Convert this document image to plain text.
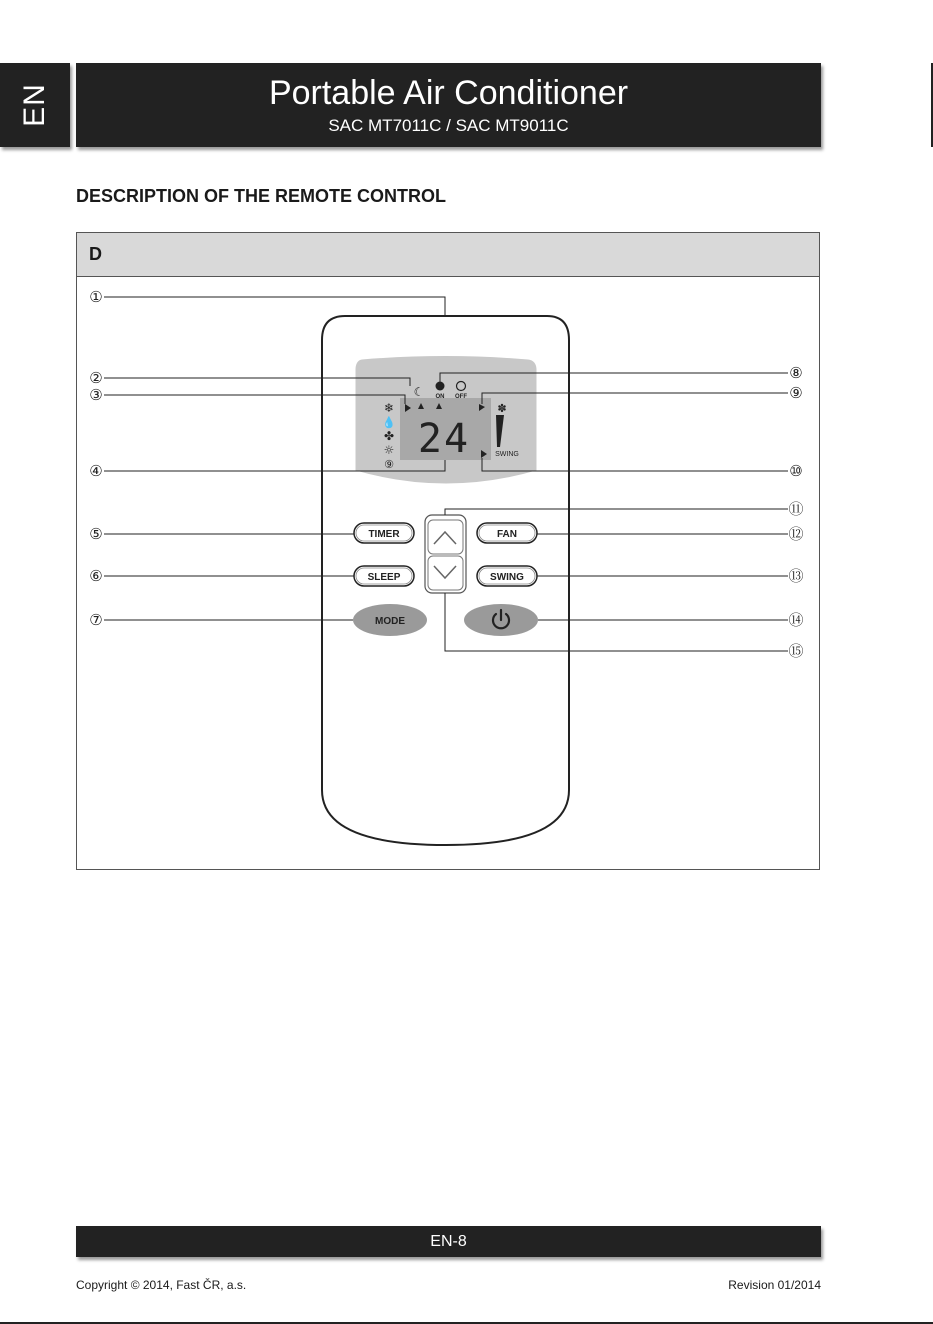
EN	Portable Air Conditioner
SAC MT7011C / SAC MT9011C
DESCRIPTION OF THE REMOTE CONTROL
D
❄
💧
✤
☼
⑨
☾ ON OFF
✽
SWING
24
TIMER
SLEEP
FAN
SWING
MODE
①
②
③
④
⑤
⑥
⑦
⑧
⑨
⑩
⑪
⑫
⑬
⑭
⑮
EN-8
Copyright © 2014, Fast ČR, a.s.	Revision 01/2014
